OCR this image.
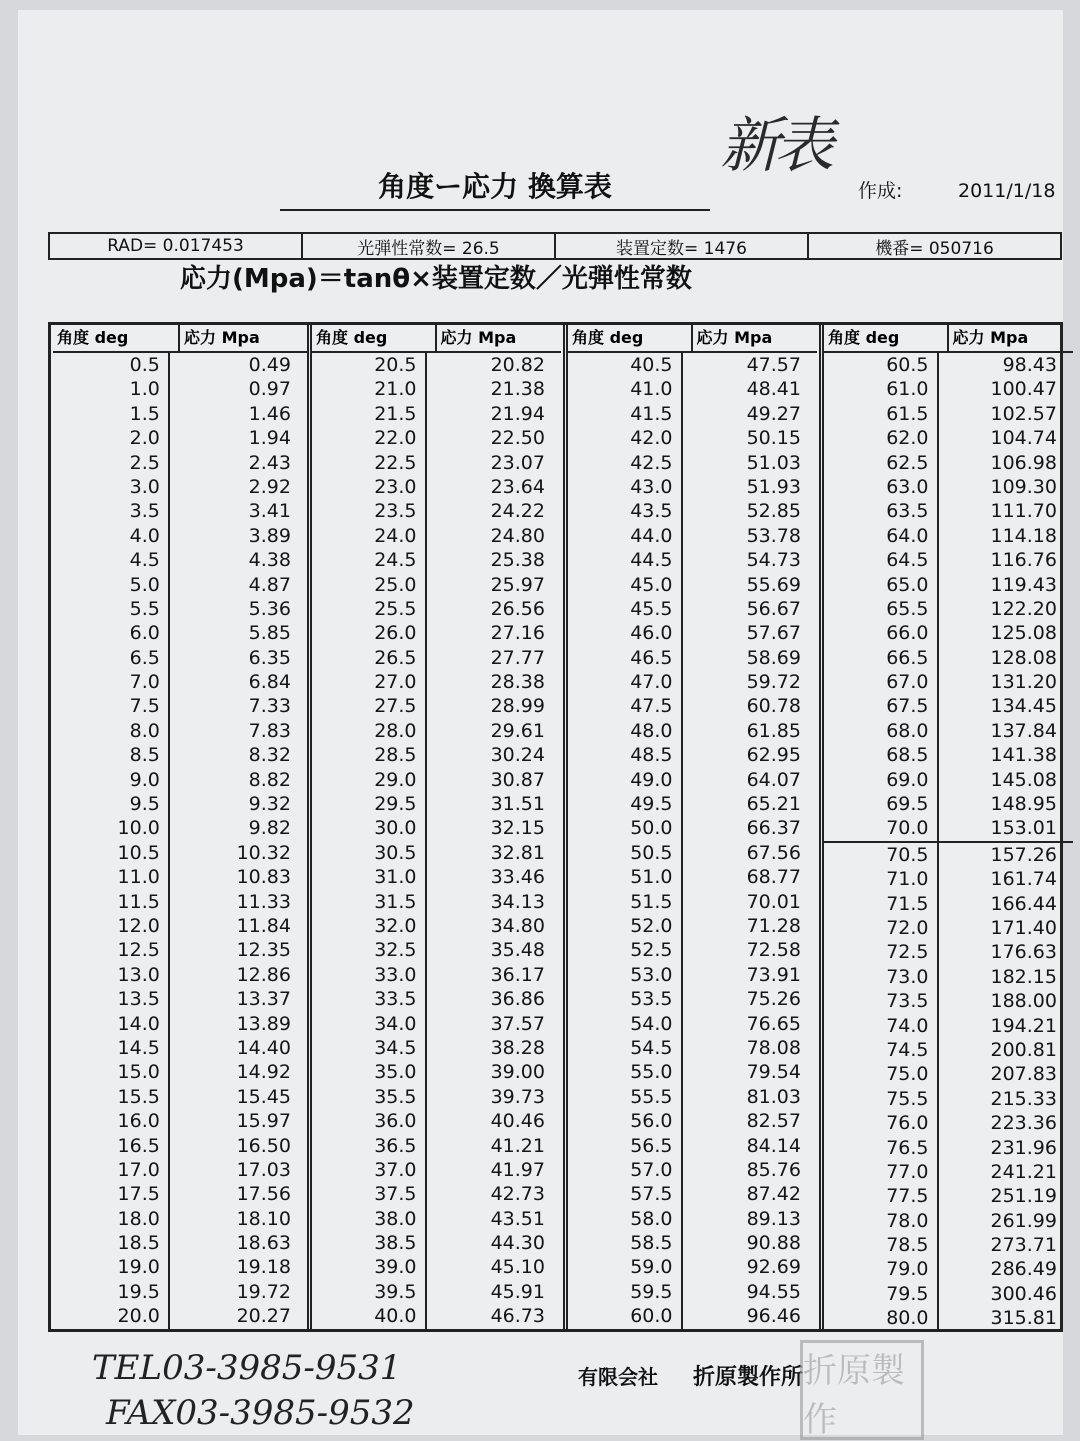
新表
角度ー応力 換算表	作成:	2011/1/18
RAD= 0.017453	光弾性常数= 26.5	装置定数= 1476	機番= 050716
応力(Mpa)＝tanθ×装置定数／光弾性常数
角度 deg	応力 Mpa
0.5	0.49
1.0	0.97
1.5	1.46
2.0	1.94
2.5	2.43
3.0	2.92
3.5	3.41
4.0	3.89
4.5	4.38
5.0	4.87
5.5	5.36
6.0	5.85
6.5	6.35
7.0	6.84
7.5	7.33
8.0	7.83
8.5	8.32
9.0	8.82
9.5	9.32
10.0	9.82
10.5	10.32
11.0	10.83
11.5	11.33
12.0	11.84
12.5	12.35
13.0	12.86
13.5	13.37
14.0	13.89
14.5	14.40
15.0	14.92
15.5	15.45
16.0	15.97
16.5	16.50
17.0	17.03
17.5	17.56
18.0	18.10
18.5	18.63
19.0	19.18
19.5	19.72
20.0	20.27
角度 deg	応力 Mpa
20.5	20.82
21.0	21.38
21.5	21.94
22.0	22.50
22.5	23.07
23.0	23.64
23.5	24.22
24.0	24.80
24.5	25.38
25.0	25.97
25.5	26.56
26.0	27.16
26.5	27.77
27.0	28.38
27.5	28.99
28.0	29.61
28.5	30.24
29.0	30.87
29.5	31.51
30.0	32.15
30.5	32.81
31.0	33.46
31.5	34.13
32.0	34.80
32.5	35.48
33.0	36.17
33.5	36.86
34.0	37.57
34.5	38.28
35.0	39.00
35.5	39.73
36.0	40.46
36.5	41.21
37.0	41.97
37.5	42.73
38.0	43.51
38.5	44.30
39.0	45.10
39.5	45.91
40.0	46.73
角度 deg	応力 Mpa
40.5	47.57
41.0	48.41
41.5	49.27
42.0	50.15
42.5	51.03
43.0	51.93
43.5	52.85
44.0	53.78
44.5	54.73
45.0	55.69
45.5	56.67
46.0	57.67
46.5	58.69
47.0	59.72
47.5	60.78
48.0	61.85
48.5	62.95
49.0	64.07
49.5	65.21
50.0	66.37
50.5	67.56
51.0	68.77
51.5	70.01
52.0	71.28
52.5	72.58
53.0	73.91
53.5	75.26
54.0	76.65
54.5	78.08
55.0	79.54
55.5	81.03
56.0	82.57
56.5	84.14
57.0	85.76
57.5	87.42
58.0	89.13
58.5	90.88
59.0	92.69
59.5	94.55
60.0	96.46
角度 deg	応力 Mpa
60.5	98.43
61.0	100.47
61.5	102.57
62.0	104.74
62.5	106.98
63.0	109.30
63.5	111.70
64.0	114.18
64.5	116.76
65.0	119.43
65.5	122.20
66.0	125.08
66.5	128.08
67.0	131.20
67.5	134.45
68.0	137.84
68.5	141.38
69.0	145.08
69.5	148.95
70.0	153.01
70.5	157.26
71.0	161.74
71.5	166.44
72.0	171.40
72.5	176.63
73.0	182.15
73.5	188.00
74.0	194.21
74.5	200.81
75.0	207.83
75.5	215.33
76.0	223.36
76.5	231.96
77.0	241.21
77.5	251.19
78.0	261.99
78.5	273.71
79.0	286.49
79.5	300.46
80.0	315.81
TEL03-3985-9531
FAX03-3985-9532
有限会社 折原製作所 折原製作
